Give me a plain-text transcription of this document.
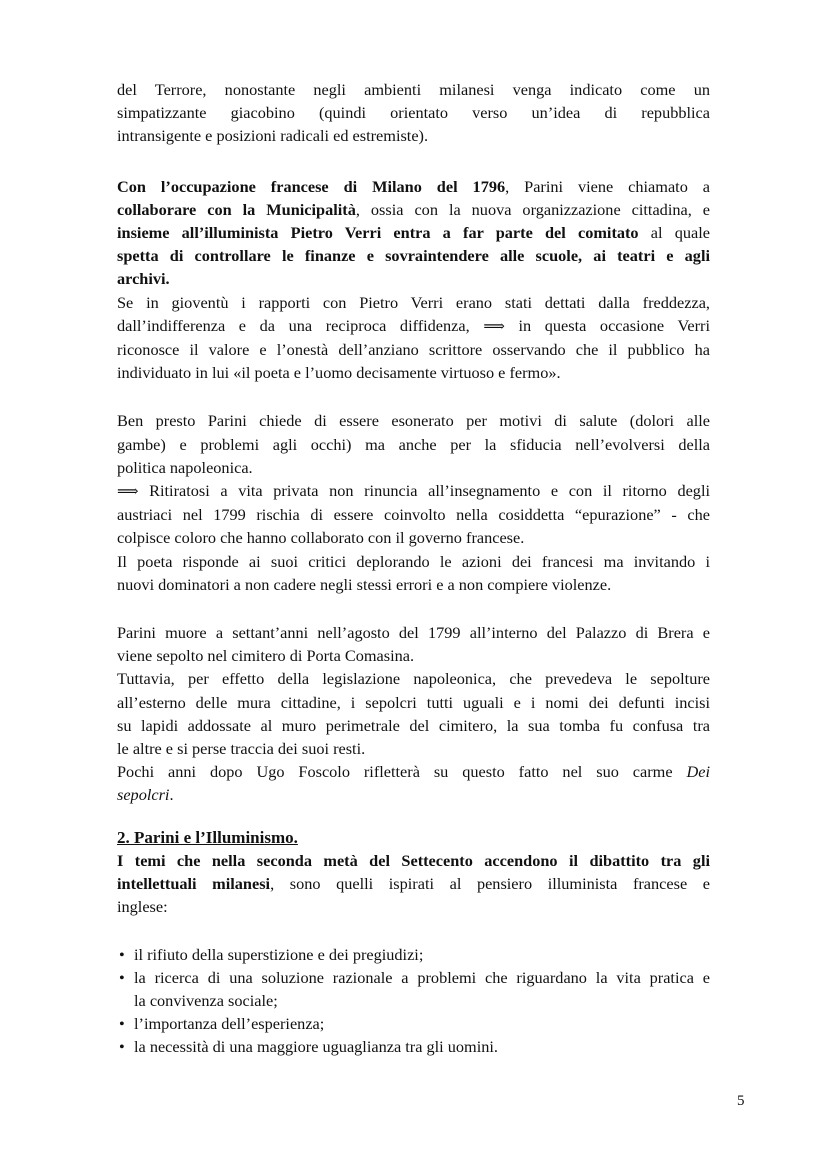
del Terrore, nonostante negli ambienti milanesi venga indicato come un
simpatizzante giacobino (quindi orientato verso un’idea di repubblica
intransigente e posizioni radicali ed estremiste).
Con l’occupazione francese di Milano del 1796, Parini viene chiamato a
collaborare con la Municipalità, ossia con la nuova organizzazione cittadina, e
insieme all’illuminista Pietro Verri entra a far parte del comitato al quale
spetta di controllare le finanze e sovraintendere alle scuole, ai teatri e agli
archivi.
Se in gioventù i rapporti con Pietro Verri erano stati dettati dalla freddezza,
dall’indifferenza e da una reciproca diffidenza, ⟹ in questa occasione Verri
riconosce il valore e l’onestà dell’anziano scrittore osservando che il pubblico ha
individuato in lui «il poeta e l’uomo decisamente virtuoso e fermo».
Ben presto Parini chiede di essere esonerato per motivi di salute (dolori alle
gambe) e problemi agli occhi) ma anche per la sfiducia nell’evolversi della
politica napoleonica.
⟹ Ritiratosi a vita privata non rinuncia all’insegnamento e con il ritorno degli
austriaci nel 1799 rischia di essere coinvolto nella cosiddetta “epurazione” - che
colpisce coloro che hanno collaborato con il governo francese.
Il poeta risponde ai suoi critici deplorando le azioni dei francesi ma invitando i
nuovi dominatori a non cadere negli stessi errori e a non compiere violenze.
Parini muore a settant’anni nell’agosto del 1799 all’interno del Palazzo di Brera e
viene sepolto nel cimitero di Porta Comasina.
Tuttavia, per effetto della legislazione napoleonica, che prevedeva le sepolture
all’esterno delle mura cittadine, i sepolcri tutti uguali e i nomi dei defunti incisi
su lapidi addossate al muro perimetrale del cimitero, la sua tomba fu confusa tra
le altre e si perse traccia dei suoi resti.
Pochi anni dopo Ugo Foscolo rifletterà su questo fatto nel suo carme Dei
sepolcri.
2. Parini e l’Illuminismo.
I temi che nella seconda metà del Settecento accendono il dibattito tra gli
intellettuali milanesi, sono quelli ispirati al pensiero illuminista francese e
inglese:
• il rifiuto della superstizione e dei pregiudizi;
• la ricerca di una soluzione razionale a problemi che riguardano la vita pratica e
la convivenza sociale;
• l’importanza dell’esperienza;
• la necessità di una maggiore uguaglianza tra gli uomini.
5
